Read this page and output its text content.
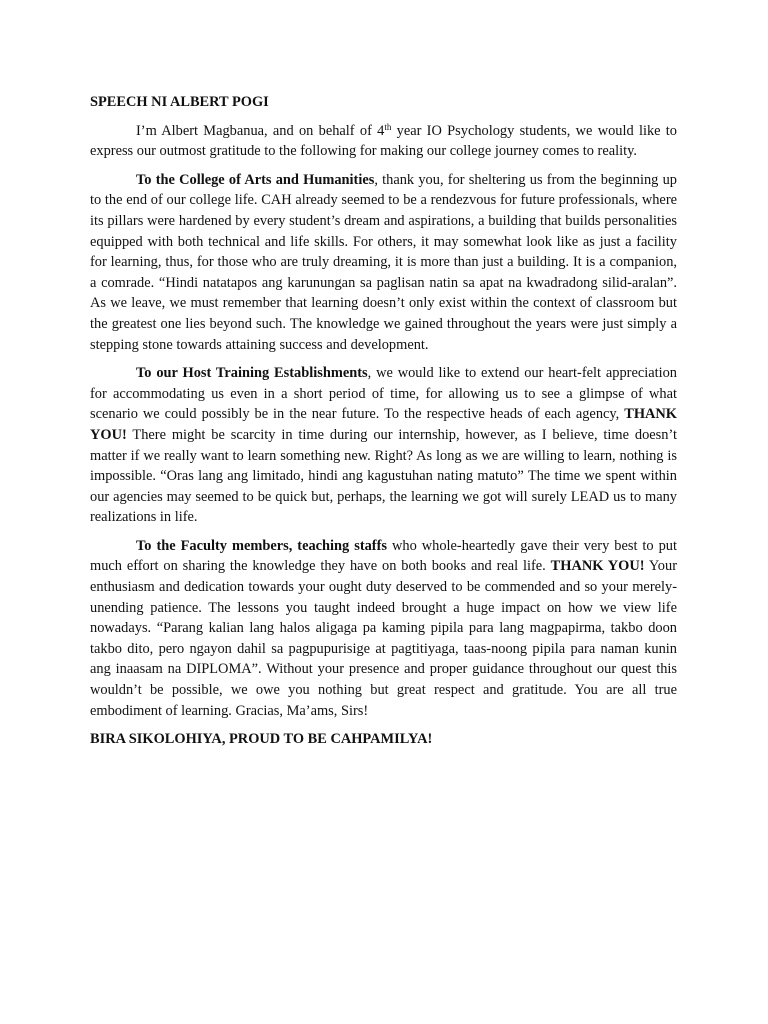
SPEECH NI ALBERT POGI

I’m Albert Magbanua, and on behalf of 4th year IO Psychology students, we would like to express our outmost gratitude to the following for making our college journey comes to reality.

To the College of Arts and Humanities, thank you, for sheltering us from the beginning up to the end of our college life. CAH already seemed to be a rendezvous for future professionals, where its pillars were hardened by every student’s dream and aspirations, a building that builds personalities equipped with both technical and life skills. For others, it may somewhat look like as just a facility for learning, thus, for those who are truly dreaming, it is more than just a building. It is a companion, a comrade. “Hindi natatapos ang karunungan sa paglisan natin sa apat na kwadradong silid-aralan”. As we leave, we must remember that learning doesn’t only exist within the context of classroom but the greatest one lies beyond such. The knowledge we gained throughout the years were just simply a stepping stone towards attaining success and development.

To our Host Training Establishments, we would like to extend our heart-felt appreciation for accommodating us even in a short period of time, for allowing us to see a glimpse of what scenario we could possibly be in the near future. To the respective heads of each agency, THANK YOU! There might be scarcity in time during our internship, however, as I believe, time doesn’t matter if we really want to learn something new. Right? As long as we are willing to learn, nothing is impossible. “Oras lang ang limitado, hindi ang kagustuhan nating matuto” The time we spent within our agencies may seemed to be quick but, perhaps, the learning we got will surely LEAD us to many realizations in life.

To the Faculty members, teaching staffs who whole-heartedly gave their very best to put much effort on sharing the knowledge they have on both books and real life. THANK YOU! Your enthusiasm and dedication towards your ought duty deserved to be commended and so your merely-unending patience. The lessons you taught indeed brought a huge impact on how we view life nowadays. “Parang kalian lang halos aligaga pa kaming pipila para lang magpapirma, takbo doon takbo dito, pero ngayon dahil sa pagpupurisige at pagtitiyaga, taas-noong pipila para naman kunin ang inaasam na DIPLOMA”. Without your presence and proper guidance throughout our quest this wouldn’t be possible, we owe you nothing but great respect and gratitude. You are all true embodiment of learning. Gracias, Ma’ams, Sirs!

BIRA SIKOLOHIYA, PROUD TO BE CAHPAMILYA!
